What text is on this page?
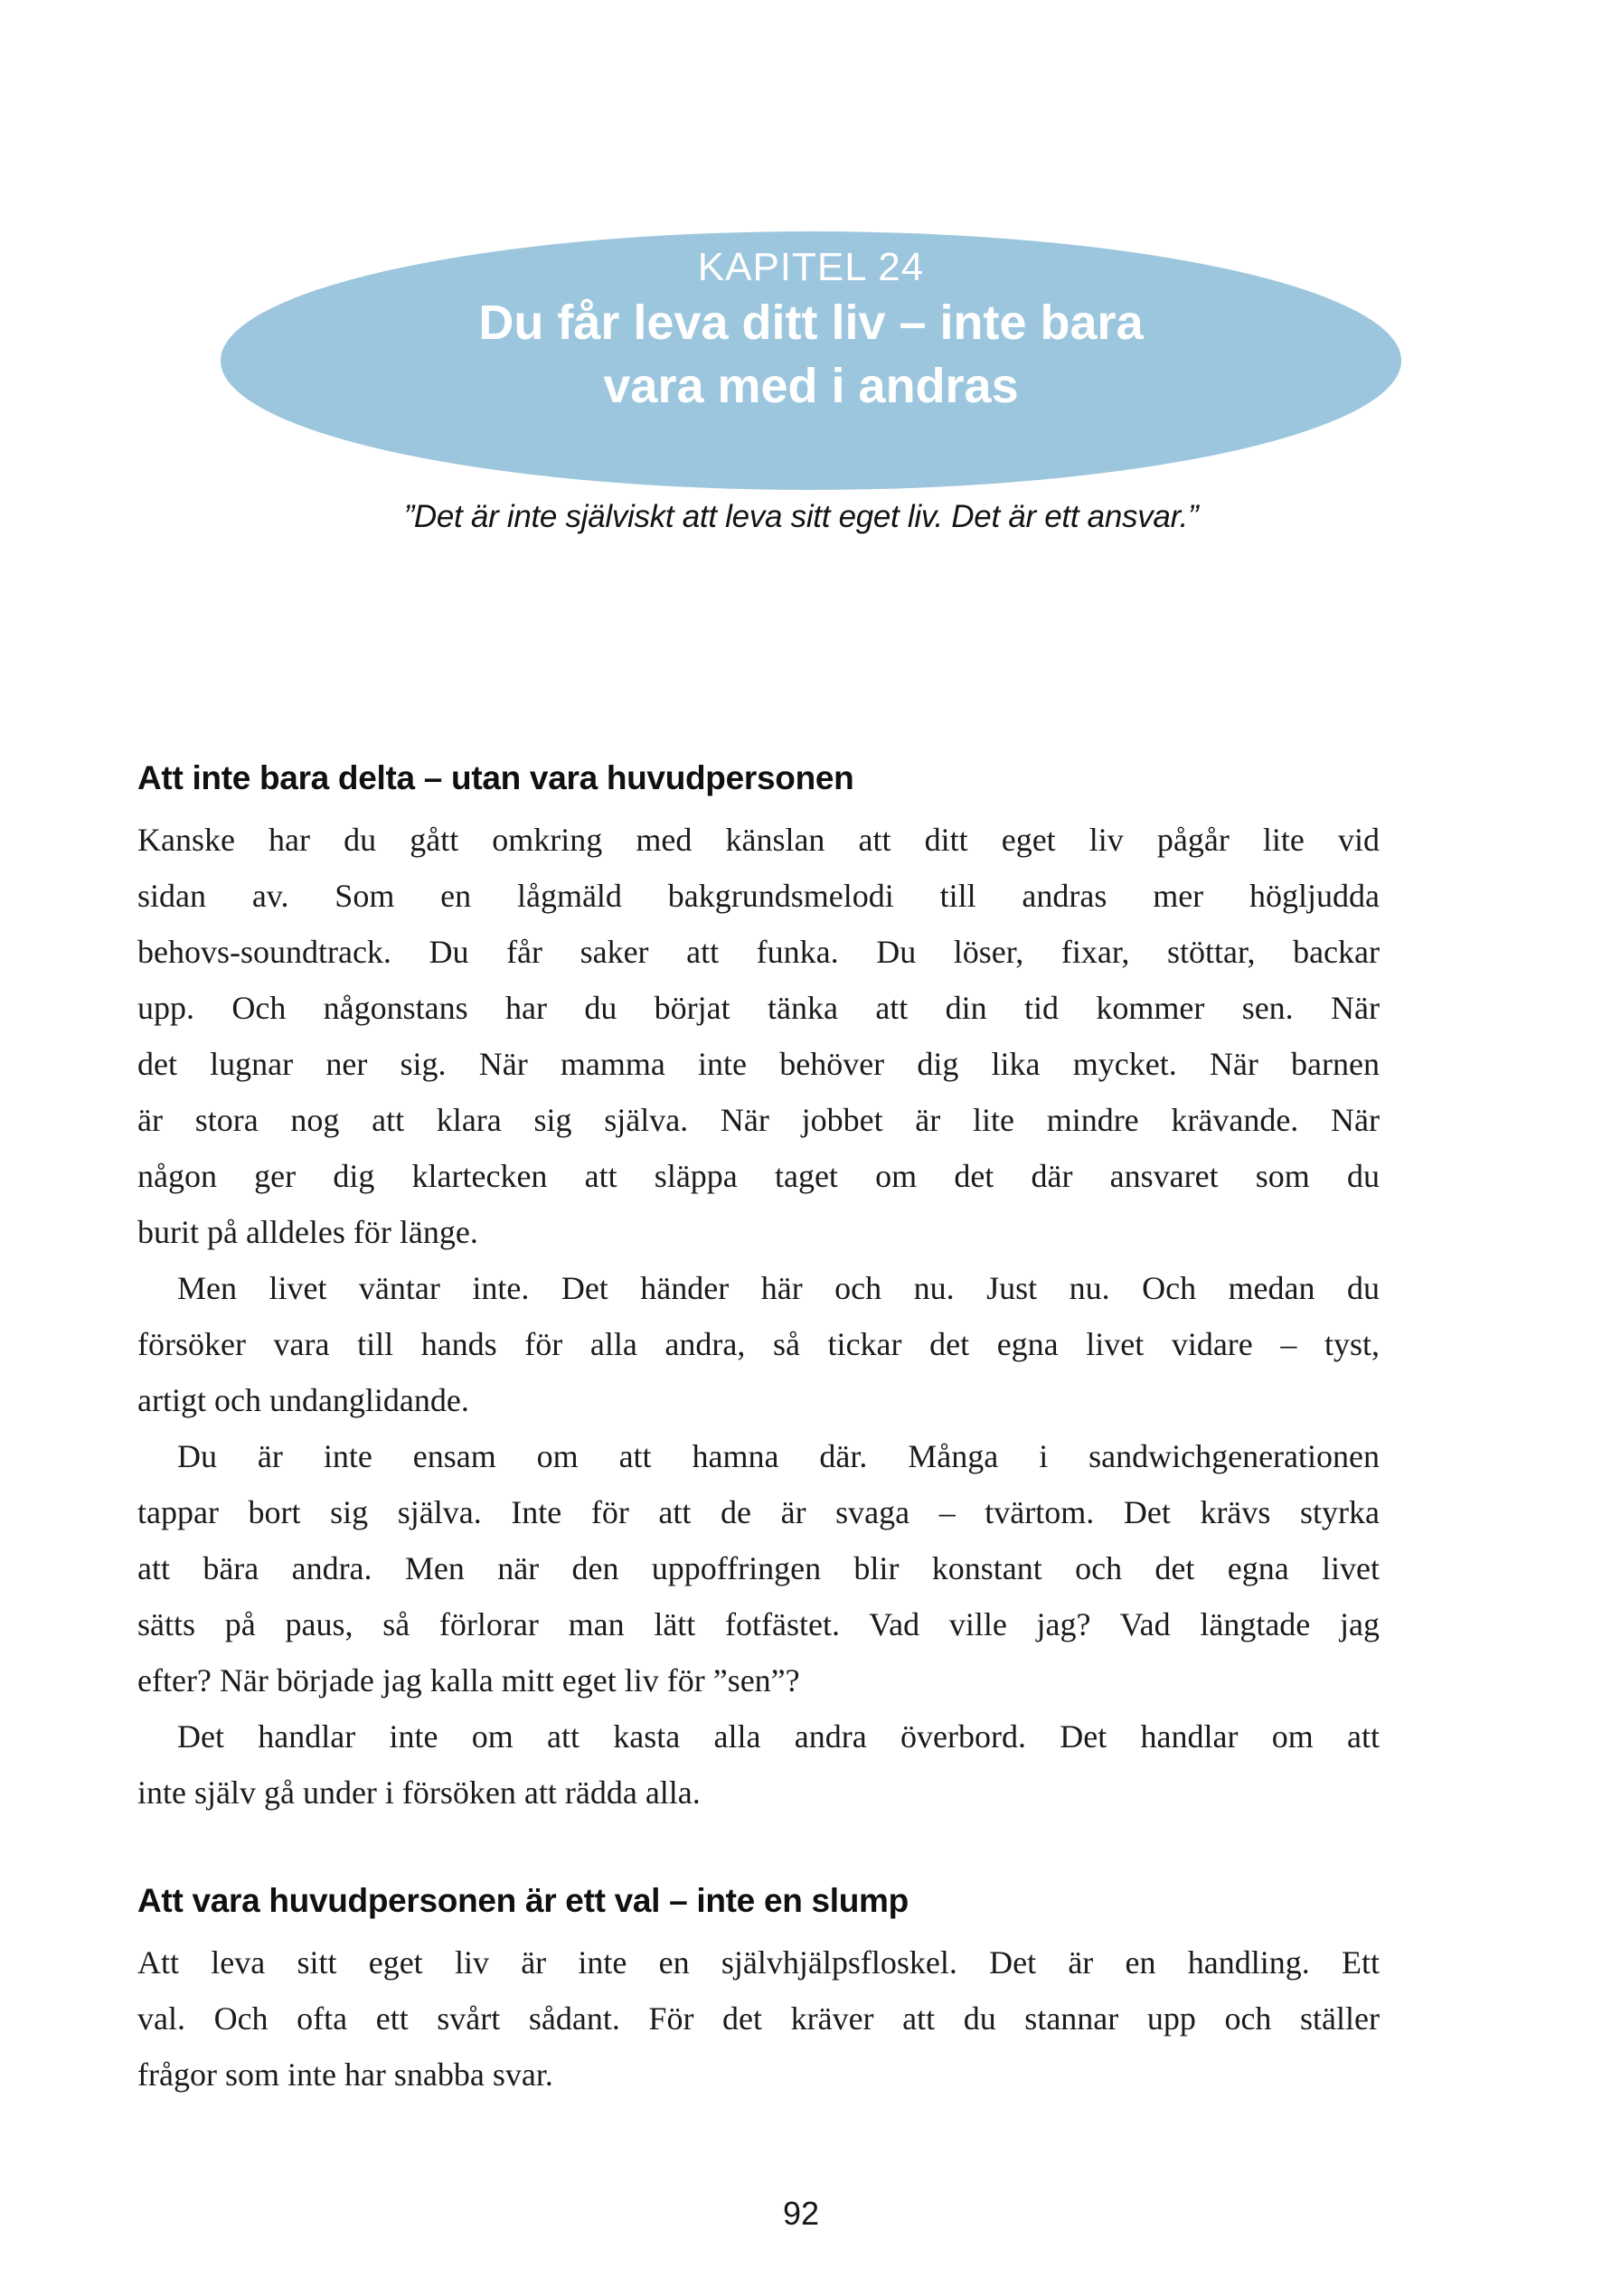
KAPITEL 24
Du får leva ditt liv – inte bara
vara med i andras
”Det är inte själviskt att leva sitt eget liv. Det är ett ansvar.”
Att inte bara delta – utan vara huvudpersonen
Kanske har du gått omkring med känslan att ditt eget liv pågår lite vid
sidan av. Som en lågmäld bakgrundsmelodi till andras mer högljudda
behovs-soundtrack. Du får saker att funka. Du löser, fixar, stöttar, backar
upp. Och någonstans har du börjat tänka att din tid kommer sen. När
det lugnar ner sig. När mamma inte behöver dig lika mycket. När barnen
är stora nog att klara sig själva. När jobbet är lite mindre krävande. När
någon ger dig klartecken att släppa taget om det där ansvaret som du
burit på alldeles för länge.
Men livet väntar inte. Det händer här och nu. Just nu. Och medan du
försöker vara till hands för alla andra, så tickar det egna livet vidare – tyst,
artigt och undanglidande.
Du är inte ensam om att hamna där. Många i sandwichgenerationen
tappar bort sig själva. Inte för att de är svaga – tvärtom. Det krävs styrka
att bära andra. Men när den uppoffringen blir konstant och det egna livet
sätts på paus, så förlorar man lätt fotfästet. Vad ville jag? Vad längtade jag
efter? När började jag kalla mitt eget liv för ”sen”?
Det handlar inte om att kasta alla andra överbord. Det handlar om att
inte själv gå under i försöken att rädda alla.
Att vara huvudpersonen är ett val – inte en slump
Att leva sitt eget liv är inte en självhjälpsfloskel. Det är en handling. Ett
val. Och ofta ett svårt sådant. För det kräver att du stannar upp och ställer
frågor som inte har snabba svar.
92
